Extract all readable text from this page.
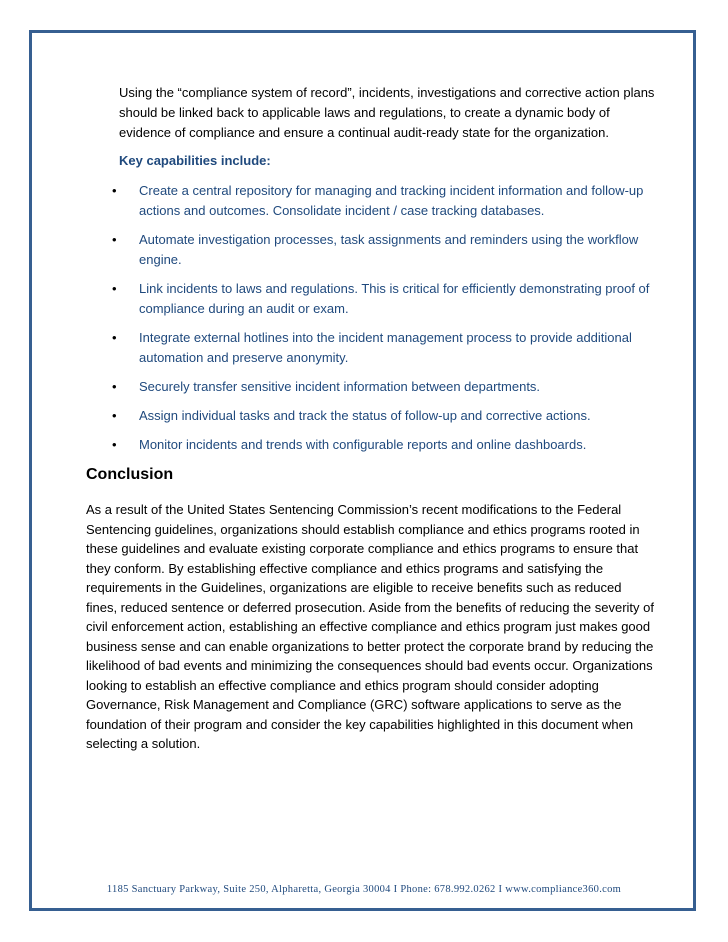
Using the “compliance system of record”, incidents, investigations and corrective action plans should be linked back to applicable laws and regulations, to create a dynamic body of evidence of compliance and ensure a continual audit-ready state for the organization.

Key capabilities include:

• Create a central repository for managing and tracking incident information and follow-up actions and outcomes. Consolidate incident / case tracking databases.
• Automate investigation processes, task assignments and reminders using the workflow engine.
• Link incidents to laws and regulations. This is critical for efficiently demonstrating proof of compliance during an audit or exam.
• Integrate external hotlines into the incident management process to provide additional automation and preserve anonymity.
• Securely transfer sensitive incident information between departments.
• Assign individual tasks and track the status of follow-up and corrective actions.
• Monitor incidents and trends with configurable reports and online dashboards.
Conclusion

As a result of the United States Sentencing Commission’s recent modifications to the Federal Sentencing guidelines, organizations should establish compliance and ethics programs rooted in these guidelines and evaluate existing corporate compliance and ethics programs to ensure that they conform. By establishing effective compliance and ethics programs and satisfying the requirements in the Guidelines, organizations are eligible to receive benefits such as reduced fines, reduced sentence or deferred prosecution. Aside from the benefits of reducing the severity of civil enforcement action, establishing an effective compliance and ethics program just makes good business sense and can enable organizations to better protect the corporate brand by reducing the likelihood of bad events and minimizing the consequences should bad events occur. Organizations looking to establish an effective compliance and ethics program should consider adopting Governance, Risk Management and Compliance (GRC) software applications to serve as the foundation of their program and consider the key capabilities highlighted in this document when selecting a solution.

1185 Sanctuary Parkway, Suite 250, Alpharetta, Georgia 30004 I Phone: 678.992.0262 I www.compliance360.com
